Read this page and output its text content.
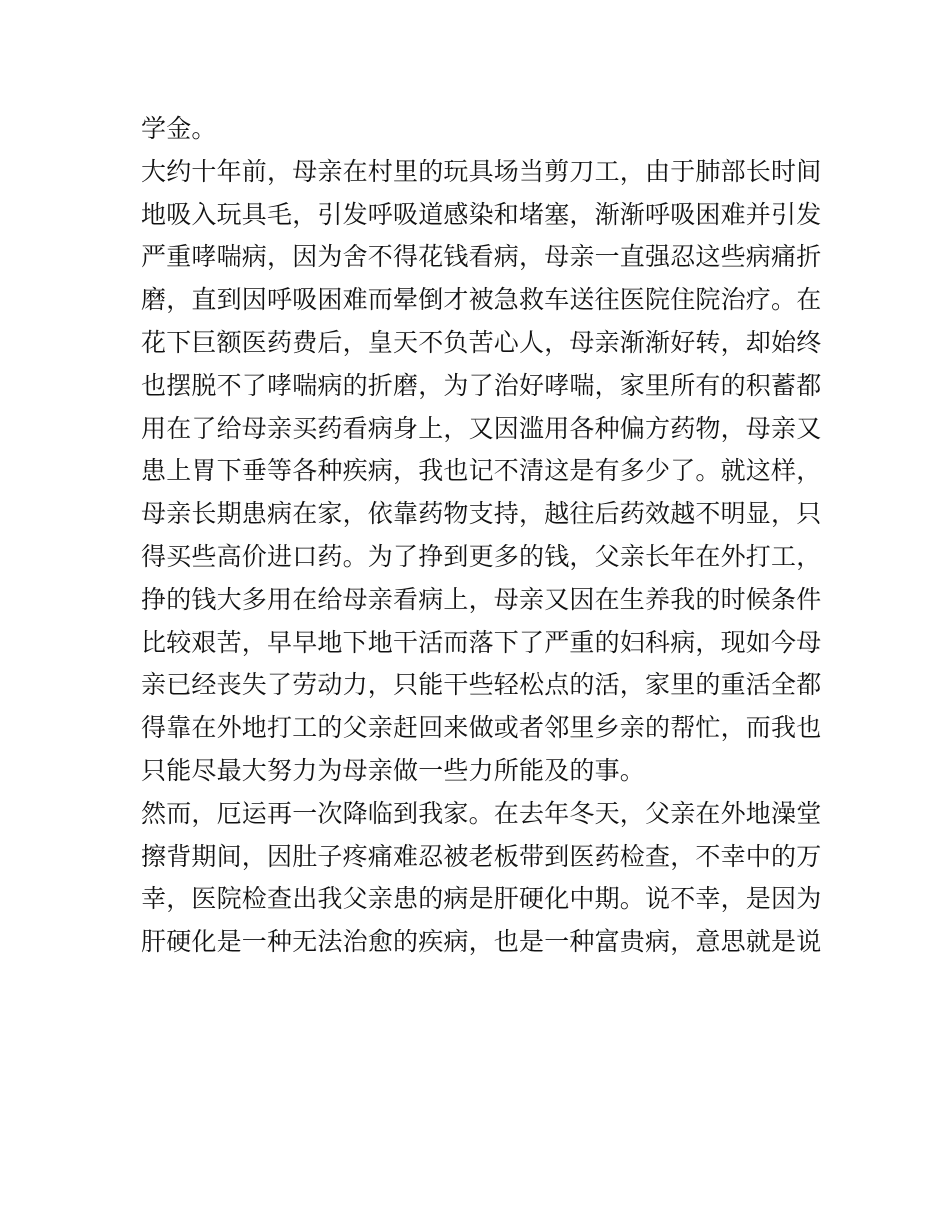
学金。
大约十年前，母亲在村里的玩具场当剪刀工，由于肺部长时间
地吸入玩具毛，引发呼吸道感染和堵塞，渐渐呼吸困难并引发
严重哮喘病，因为舍不得花钱看病，母亲一直强忍这些病痛折
磨，直到因呼吸困难而晕倒才被急救车送往医院住院治疗。在
花下巨额医药费后，皇天不负苦心人，母亲渐渐好转，却始终
也摆脱不了哮喘病的折磨，为了治好哮喘，家里所有的积蓄都
用在了给母亲买药看病身上，又因滥用各种偏方药物，母亲又
患上胃下垂等各种疾病，我也记不清这是有多少了。就这样，
母亲长期患病在家，依靠药物支持，越往后药效越不明显，只
得买些高价进口药。为了挣到更多的钱，父亲长年在外打工，
挣的钱大多用在给母亲看病上，母亲又因在生养我的时候条件
比较艰苦，早早地下地干活而落下了严重的妇科病，现如今母
亲已经丧失了劳动力，只能干些轻松点的活，家里的重活全都
得靠在外地打工的父亲赶回来做或者邻里乡亲的帮忙，而我也
只能尽最大努力为母亲做一些力所能及的事。
然而，厄运再一次降临到我家。在去年冬天，父亲在外地澡堂
擦背期间，因肚子疼痛难忍被老板带到医药检查，不幸中的万
幸，医院检查出我父亲患的病是肝硬化中期。说不幸，是因为
肝硬化是一种无法治愈的疾病，也是一种富贵病，意思就是说
